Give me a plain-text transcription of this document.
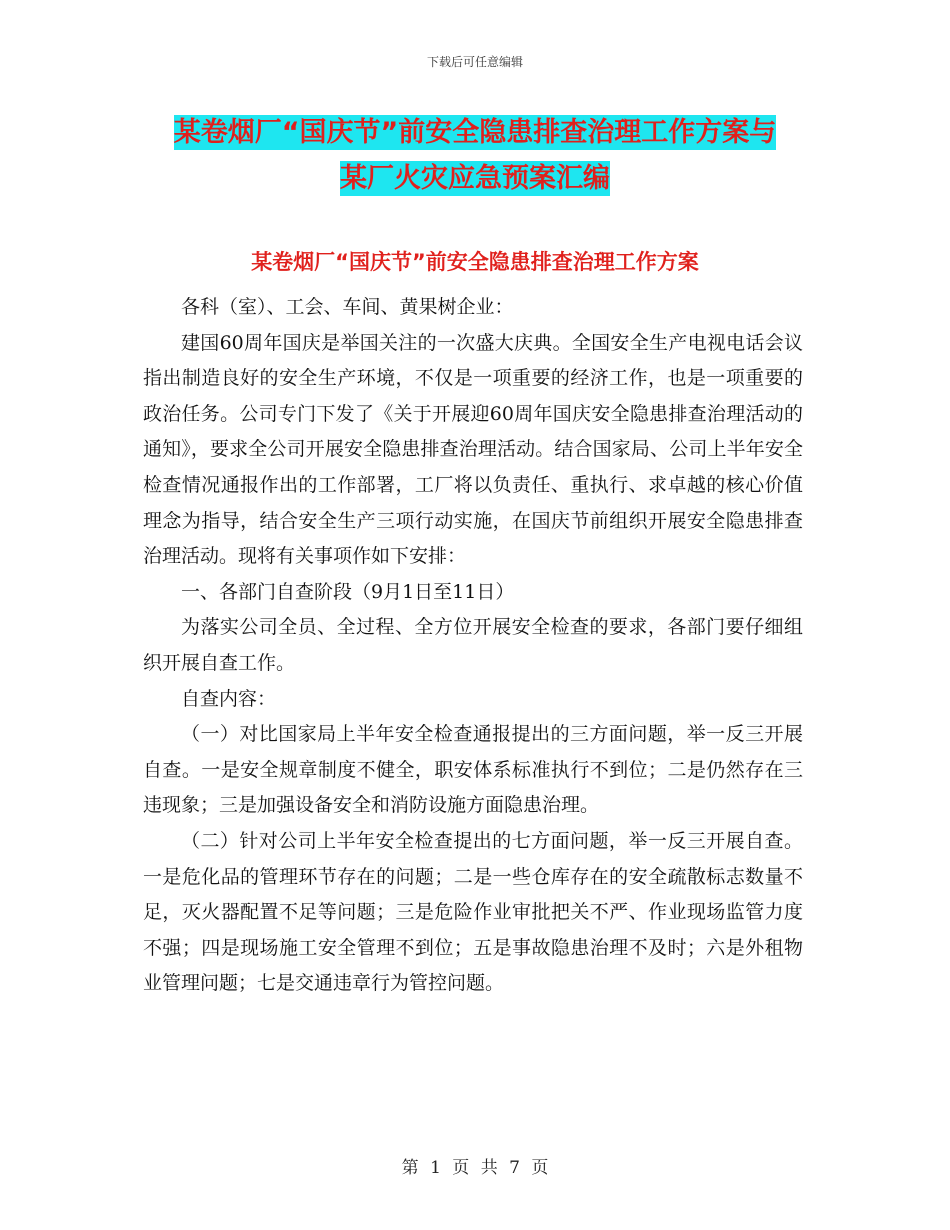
下载后可任意编辑
某卷烟厂“国庆节”前安全隐患排查治理工作方案与
某厂火灾应急预案汇编
某卷烟厂“国庆节”前安全隐患排查治理工作方案

各科（室）、工会、车间、黄果树企业：

建国60周年国庆是举国关注的一次盛大庆典。全国安全生产电视电话会议指出制造良好的安全生产环境，不仅是一项重要的经济工作，也是一项重要的政治任务。公司专门下发了《关于开展迎60周年国庆安全隐患排查治理活动的通知》，要求全公司开展安全隐患排查治理活动。结合国家局、公司上半年安全检查情况通报作出的工作部署，工厂将以负责任、重执行、求卓越的核心价值理念为指导，结合安全生产三项行动实施，在国庆节前组织开展安全隐患排查治理活动。现将有关事项作如下安排：

一、各部门自查阶段（9月1日至11日）

为落实公司全员、全过程、全方位开展安全检查的要求，各部门要仔细组织开展自查工作。

自查内容：

（一）对比国家局上半年安全检查通报提出的三方面问题，举一反三开展自查。一是安全规章制度不健全，职安体系标准执行不到位；二是仍然存在三违现象；三是加强设备安全和消防设施方面隐患治理。

（二）针对公司上半年安全检查提出的七方面问题，举一反三开展自查。一是危化品的管理环节存在的问题；二是一些仓库存在的安全疏散标志数量不足，灭火器配置不足等问题；三是危险作业审批把关不严、作业现场监管力度不强；四是现场施工安全管理不到位；五是事故隐患治理不及时；六是外租物业管理问题；七是交通违章行为管控问题。

第 1 页 共 7 页
